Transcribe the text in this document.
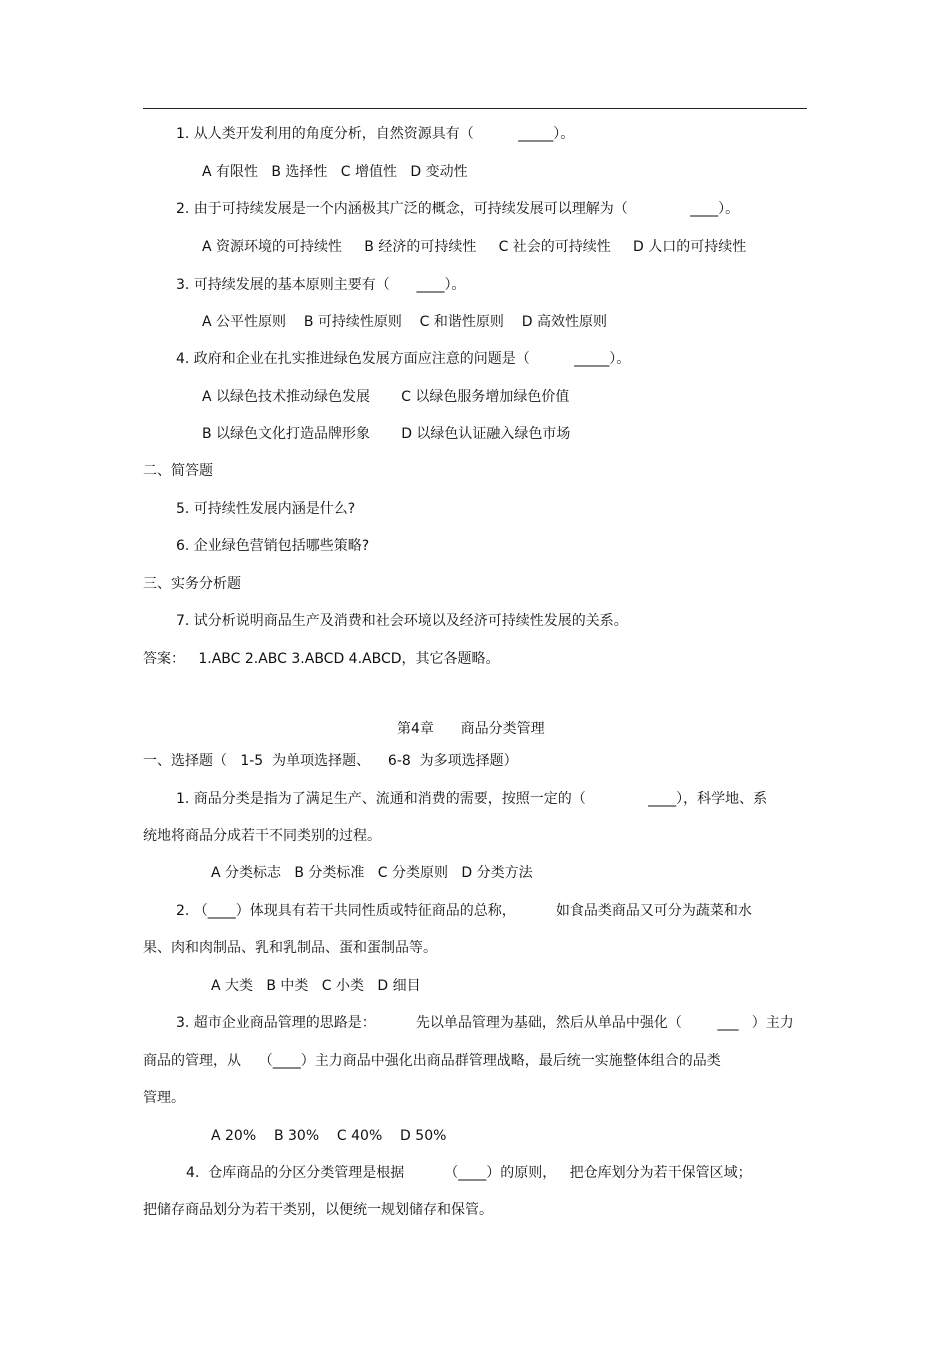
1. 从人类开发利用的角度分析，自然资源具有（          _____）。
A 有限性   B 选择性   C 增值性   D 变动性
2. 由于可持续发展是一个内涵极其广泛的概念，可持续发展可以理解为（              ____）。
A 资源环境的可持续性     B 经济的可持续性     C 社会的可持续性     D 人口的可持续性
3. 可持续发展的基本原则主要有（      ____）。
A 公平性原则    B 可持续性原则    C 和谐性原则    D 高效性原则
4. 政府和企业在扎实推进绿色发展方面应注意的问题是（          _____）。
A 以绿色技术推动绿色发展       C 以绿色服务增加绿色价值
B 以绿色文化打造品牌形象       D 以绿色认证融入绿色市场
二、简答题
5. 可持续性发展内涵是什么?
6. 企业绿色营销包括哪些策略?
三、实务分析题
7. 试分析说明商品生产及消费和社会环境以及经济可持续性发展的关系。
答案：   1.ABC 2.ABC 3.ABCD 4.ABCD，其它各题略。
第4章      商品分类管理
一、选择题（   1-5  为单项选择题、    6-8  为多项选择题）
1. 商品分类是指为了满足生产、流通和消费的需要，按照一定的（              ____），科学地、系
统地将商品分成若干不同类别的过程。
A 分类标志   B 分类标准   C 分类原则   D 分类方法
2. （____）体现具有若干共同性质或特征商品的总称，         如食品类商品又可分为蔬菜和水
果、肉和肉制品、乳和乳制品、蛋和蛋制品等。
A 大类   B 中类   C 小类   D 细目
3. 超市企业商品管理的思路是：         先以单品管理为基础，然后从单品中强化（        ___   ）主力
商品的管理，从    （____）主力商品中强化出商品群管理战略，最后统一实施整体组合的品类
管理。
A 20%    B 30%    C 40%    D 50%
4.  仓库商品的分区分类管理是根据         （____）的原则，   把仓库划分为若干保管区域；
把储存商品划分为若干类别，以便统一规划储存和保管。
